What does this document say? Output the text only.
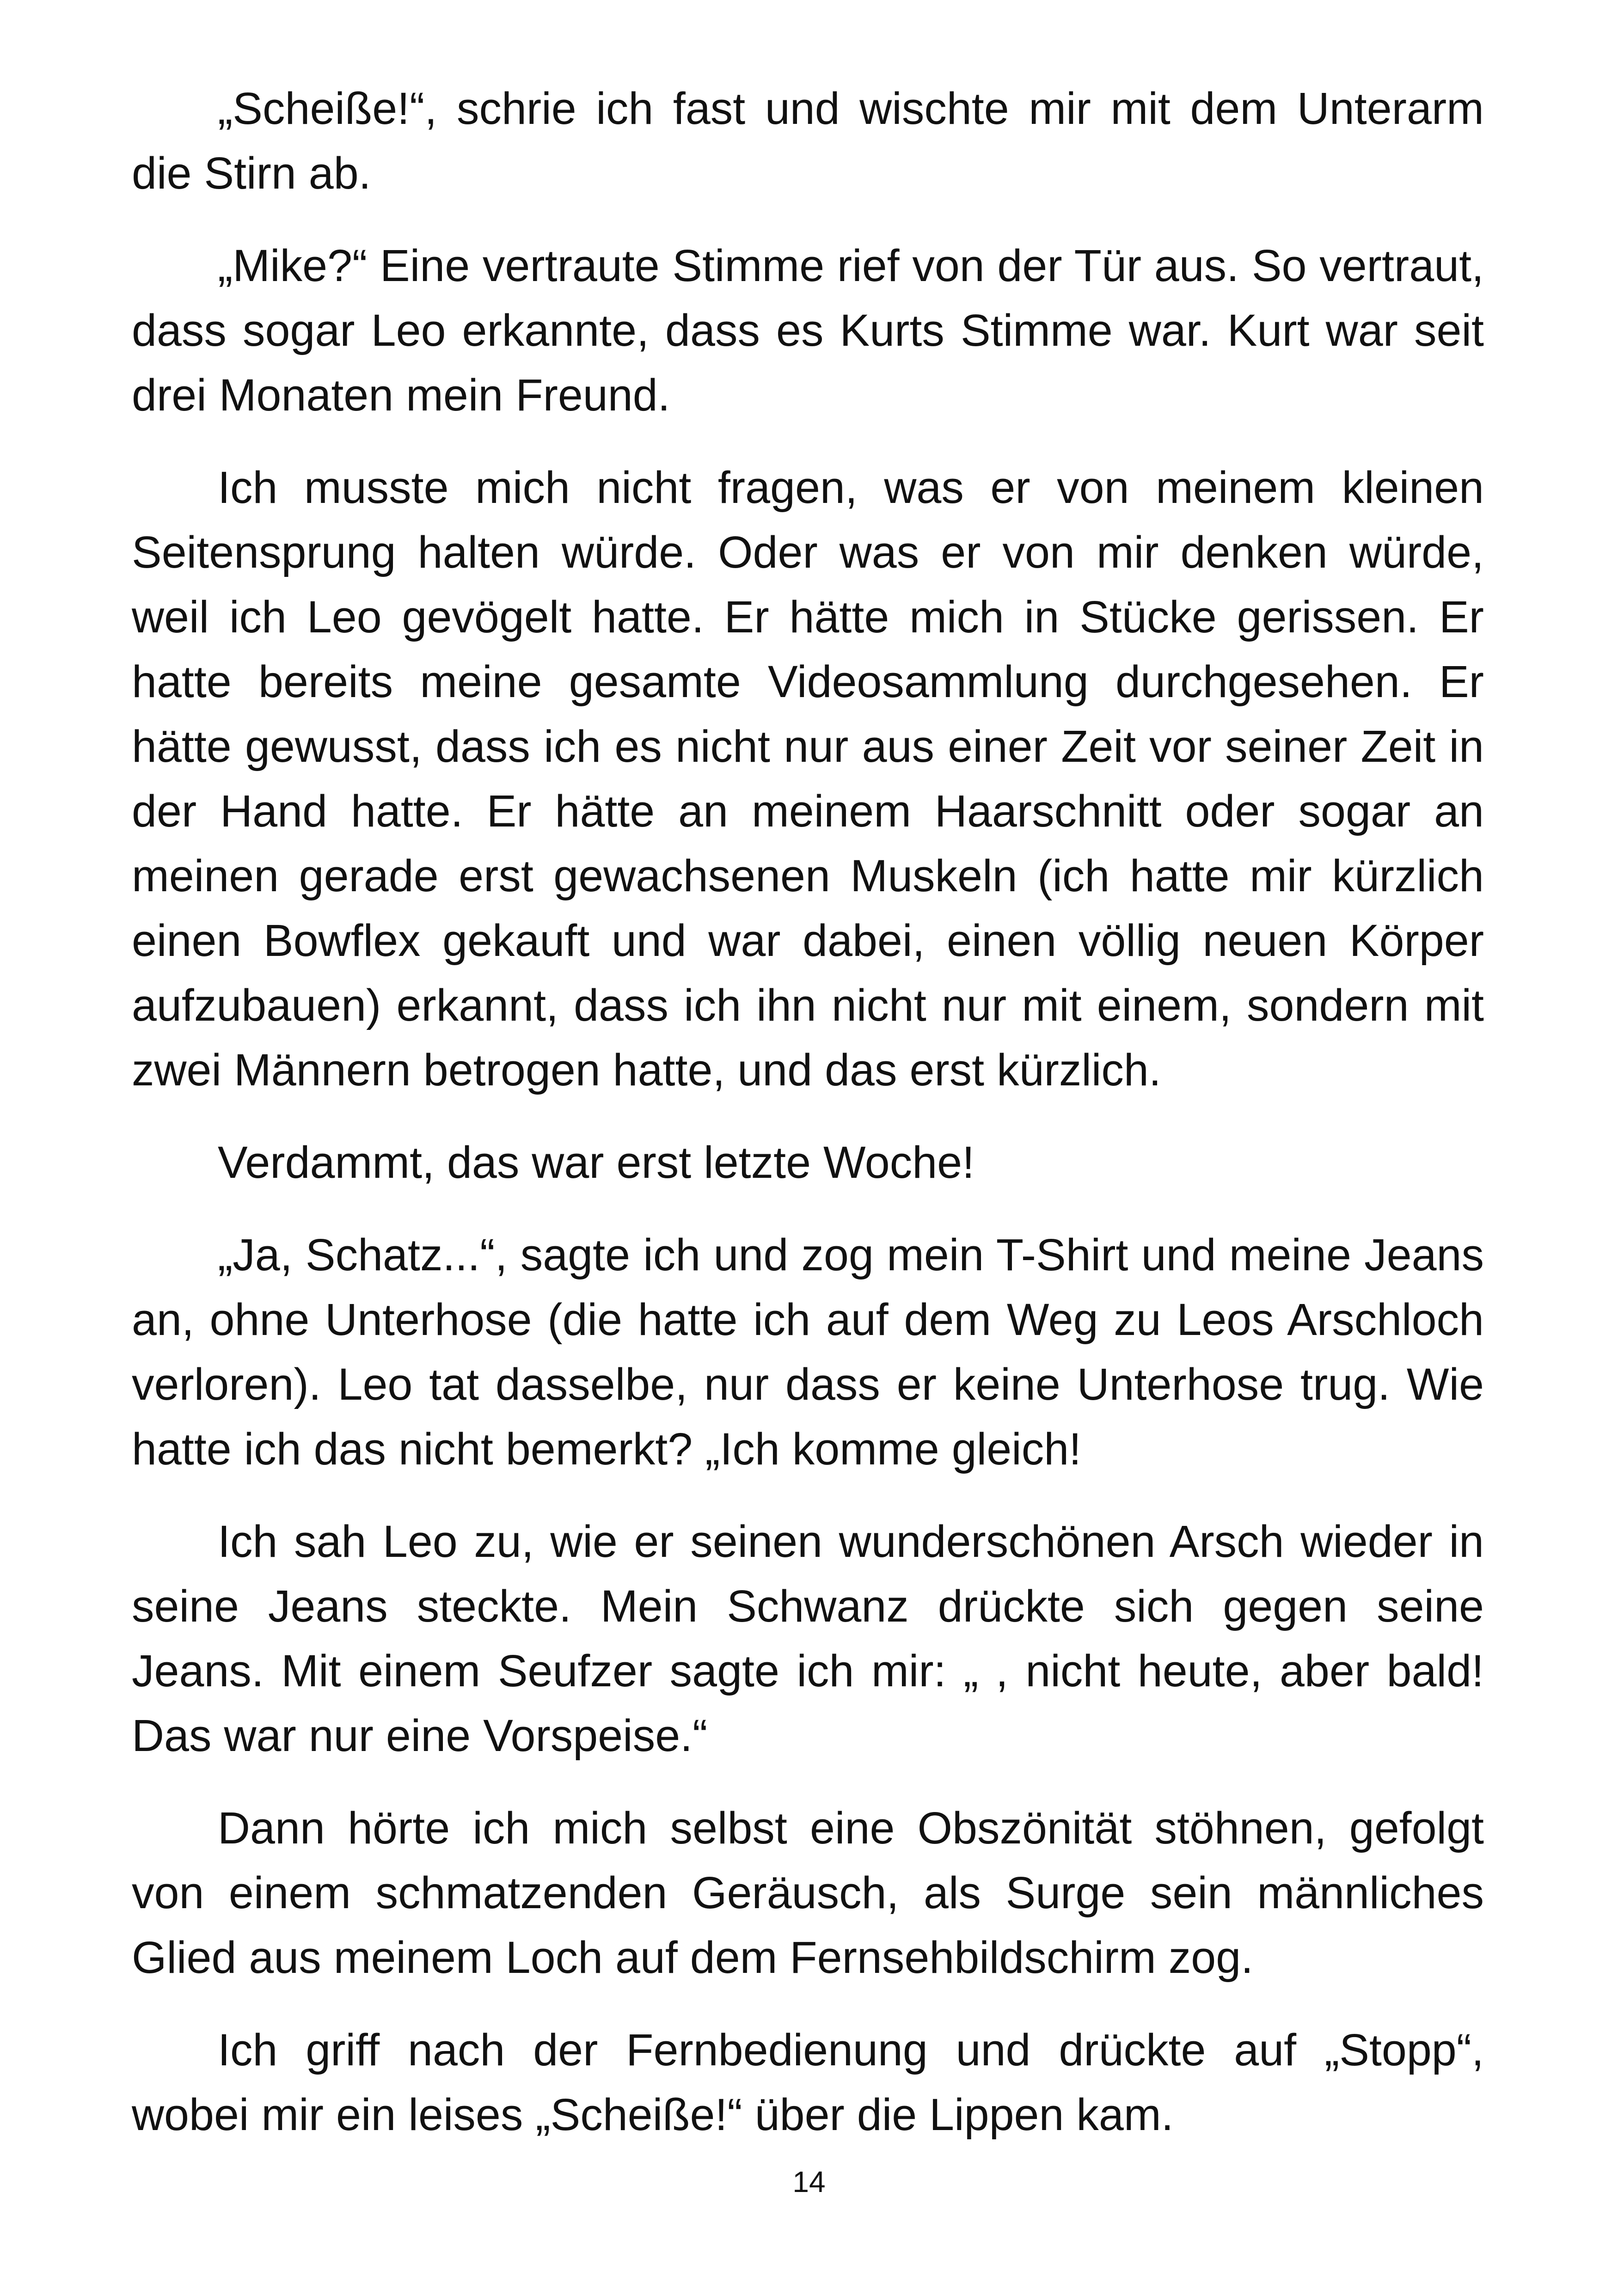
„Scheiße!“, schrie ich fast und wischte mir mit dem Unterarm die Stirn ab.

„Mike?“ Eine vertraute Stimme rief von der Tür aus. So vertraut, dass sogar Leo erkannte, dass es Kurts Stimme war. Kurt war seit drei Monaten mein Freund.

Ich musste mich nicht fragen, was er von meinem kleinen Seitensprung halten würde. Oder was er von mir denken würde, weil ich Leo gevögelt hatte. Er hätte mich in Stücke gerissen. Er hatte bereits meine gesamte Videosammlung durchgesehen. Er hätte gewusst, dass ich es nicht nur aus einer Zeit vor seiner Zeit in der Hand hatte. Er hätte an meinem Haarschnitt oder sogar an meinen gerade erst gewachsenen Muskeln (ich hatte mir kürzlich einen Bowflex gekauft und war dabei, einen völlig neuen Körper aufzubauen) erkannt, dass ich ihn nicht nur mit einem, sondern mit zwei Männern betrogen hatte, und das erst kürzlich.

Verdammt, das war erst letzte Woche!

„Ja, Schatz...“, sagte ich und zog mein T-Shirt und meine Jeans an, ohne Unterhose (die hatte ich auf dem Weg zu Leos Arschloch verloren). Leo tat dasselbe, nur dass er keine Unterhose trug. Wie hatte ich das nicht bemerkt? „Ich komme gleich!

Ich sah Leo zu, wie er seinen wunderschönen Arsch wieder in seine Jeans steckte. Mein Schwanz drückte sich gegen seine Jeans. Mit einem Seufzer sagte ich mir: „ , nicht heute, aber bald! Das war nur eine Vorspeise.“

Dann hörte ich mich selbst eine Obszönität stöhnen, gefolgt von einem schmatzenden Geräusch, als Surge sein männliches Glied aus meinem Loch auf dem Fernsehbildschirm zog.

Ich griff nach der Fernbedienung und drückte auf „Stopp“, wobei mir ein leises „Scheiße!“ über die Lippen kam.

14
